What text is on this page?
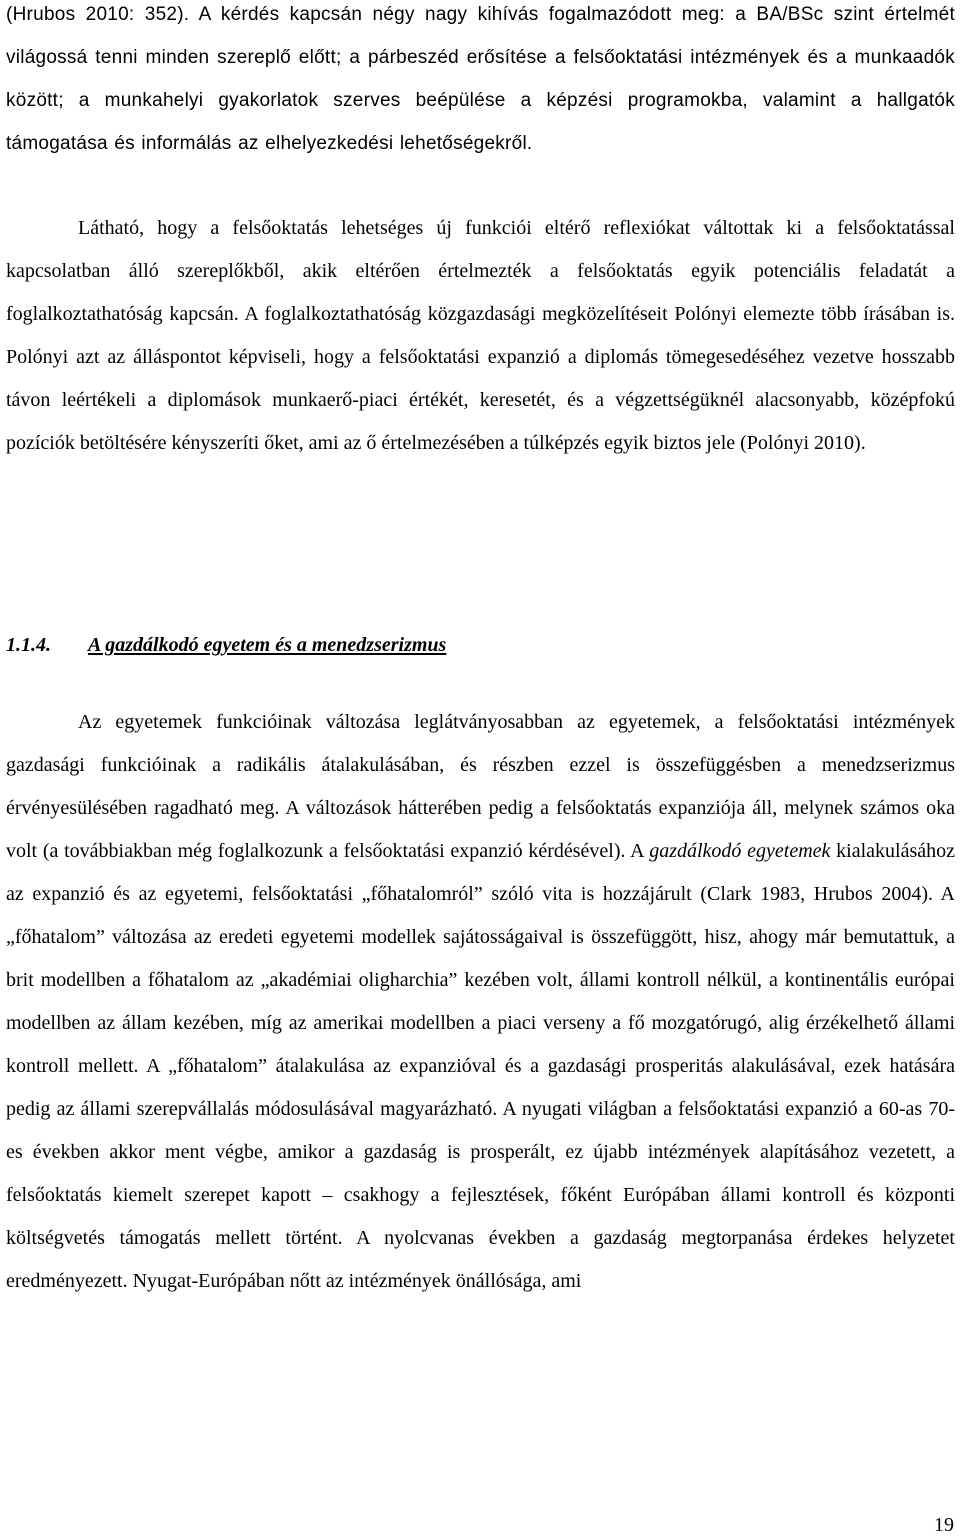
(Hrubos 2010: 352). A kérdés kapcsán négy nagy kihívás fogalmazódott meg: a BA/BSc szint értelmét világossá tenni minden szereplő előtt; a párbeszéd erősítése a felsőoktatási intézmények és a munkaadók között; a munkahelyi gyakorlatok szerves beépülése a képzési programokba, valamint a hallgatók támogatása és informálás az elhelyezkedési lehetőségekről.

Látható, hogy a felsőoktatás lehetséges új funkciói eltérő reflexiókat váltottak ki a felsőoktatással kapcsolatban álló szereplőkből, akik eltérően értelmezték a felsőoktatás egyik potenciális feladatát a foglalkoztathatóság kapcsán. A foglalkoztathatóság közgazdasági megközelítéseit Polónyi elemezte több írásában is. Polónyi azt az álláspontot képviseli, hogy a felsőoktatási expanzió a diplomás tömegesedéséhez vezetve hosszabb távon leértékeli a diplomások munkaerő-piaci értékét, keresetét, és a végzettségüknél alacsonyabb, középfokú pozíciók betöltésére kényszeríti őket, ami az ő értelmezésében a túlképzés egyik biztos jele (Polónyi 2010).

1.1.4. A gazdálkodó egyetem és a menedzserizmus

Az egyetemek funkcióinak változása leglátványosabban az egyetemek, a felsőoktatási intézmények gazdasági funkcióinak a radikális átalakulásában, és részben ezzel is összefüggésben a menedzserizmus érvényesülésében ragadható meg. A változások hátterében pedig a felsőoktatás expanziója áll, melynek számos oka volt (a továbbiakban még foglalkozunk a felsőoktatási expanzió kérdésével). A gazdálkodó egyetemek kialakulásához az expanzió és az egyetemi, felsőoktatási „főhatalomról” szóló vita is hozzájárult (Clark 1983, Hrubos 2004). A „főhatalom” változása az eredeti egyetemi modellek sajátosságaival is összefüggött, hisz, ahogy már bemutattuk, a brit modellben a főhatalom az „akadémiai oligharchia” kezében volt, állami kontroll nélkül, a kontinentális európai modellben az állam kezében, míg az amerikai modellben a piaci verseny a fő mozgatórugó, alig érzékelhető állami kontroll mellett. A „főhatalom” átalakulása az expanzióval és a gazdasági prosperitás alakulásával, ezek hatására pedig az állami szerepvállalás módosulásával magyarázható. A nyugati világban a felsőoktatási expanzió a 60-as 70-es években akkor ment végbe, amikor a gazdaság is prosperált, ez újabb intézmények alapításához vezetett, a felsőoktatás kiemelt szerepet kapott – csakhogy a fejlesztések, főként Európában állami kontroll és központi költségvetés támogatás mellett történt. A nyolcvanas években a gazdaság megtorpanása érdekes helyzetet eredményezett. Nyugat-Európában nőtt az intézmények önállósága, ami

19
